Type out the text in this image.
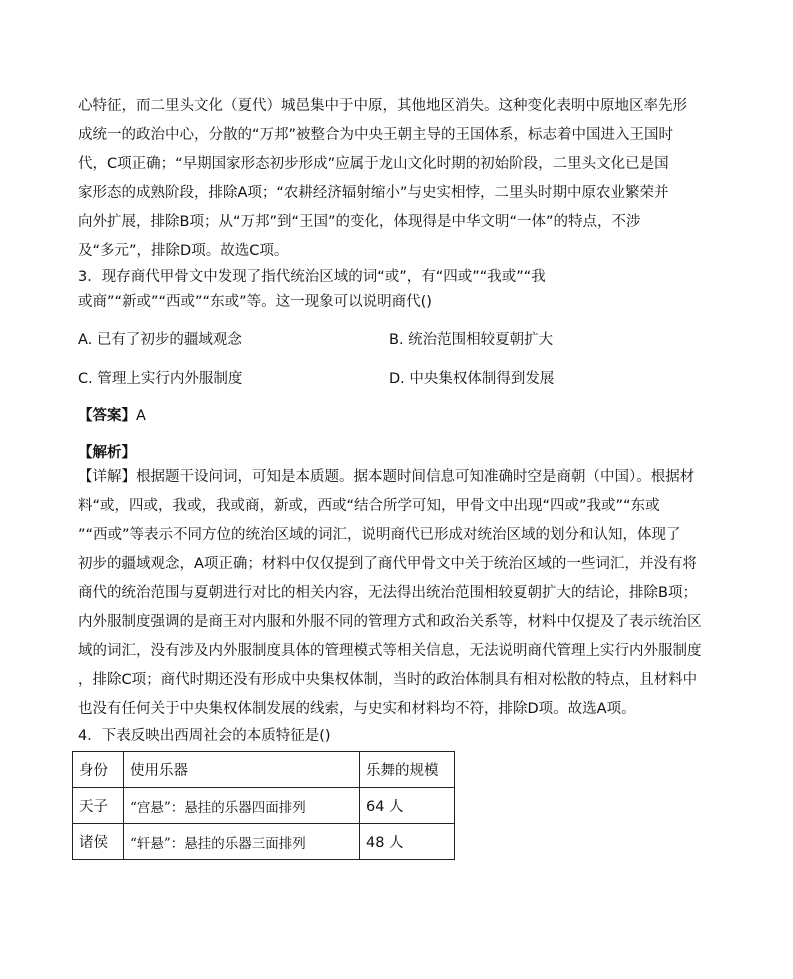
心特征，而二里头文化（夏代）城邑集中于中原，其他地区消失。这种变化表明中原地区率先形
成统一的政治中心，分散的“万邦”被整合为中央王朝主导的王国体系，标志着中国进入王国时
代，C项正确；“早期国家形态初步形成”应属于龙山文化时期的初始阶段，二里头文化已是国
家形态的成熟阶段，排除A项；“农耕经济辐射缩小”与史实相悖，二里头时期中原农业繁荣并
向外扩展，排除B项；从“万邦”到“王国”的变化，体现得是中华文明“一体”的特点，不涉
及“多元”，排除D项。故选C项。
3．现存商代甲骨文中发现了指代统治区域的词“或”，有“四或”“我或”“我
或商”“新或”“西或”“东或”等。这一现象可以说明商代()
A. 已有了初步的疆域观念	B. 统治范围相较夏朝扩大
C. 管理上实行内外服制度	D. 中央集权体制得到发展
【答案】A
【解析】
【详解】根据题干设问词，可知是本质题。据本题时间信息可知准确时空是商朝（中国）。根据材
料“或，四或，我或，我或商，新或，西或“结合所学可知，甲骨文中出现“四或”我或”“东或
”“西或”等表示不同方位的统治区域的词汇，说明商代已形成对统治区域的划分和认知，体现了
初步的疆域观念，A项正确；材料中仅仅提到了商代甲骨文中关于统治区域的一些词汇，并没有将
商代的统治范围与夏朝进行对比的相关内容，无法得出统治范围相较夏朝扩大的结论，排除B项；
内外服制度强调的是商王对内服和外服不同的管理方式和政治关系等，材料中仅提及了表示统治区
域的词汇，没有涉及内外服制度具体的管理模式等相关信息，无法说明商代管理上实行内外服制度
，排除C项；商代时期还没有形成中央集权体制，当时的政治体制具有相对松散的特点，且材料中
也没有任何关于中央集权体制发展的线索，与史实和材料均不符，排除D项。故选A项。
4．下表反映出西周社会的本质特征是()
身份	使用乐器	乐舞的规模
天子	“宫悬”：悬挂的乐器四面排列	64 人
诸侯	“轩悬”：悬挂的乐器三面排列	48 人
